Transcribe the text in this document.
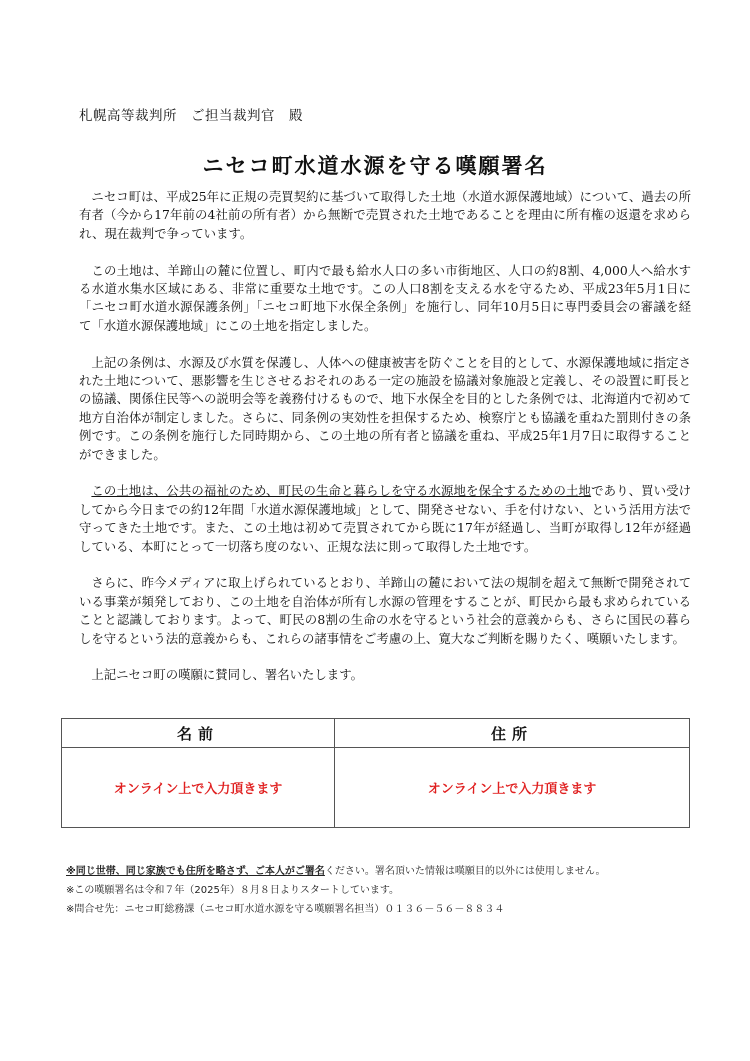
札幌高等裁判所　ご担当裁判官　殿
ニセコ町水道水源を守る嘆願署名

ニセコ町は、平成25年に正規の売買契約に基づいて取得した土地（水道水源保護地域）について、過去の所有者（今から17年前の4社前の所有者）から無断で売買された土地であることを理由に所有権の返還を求められ、現在裁判で争っています。

この土地は、羊蹄山の麓に位置し、町内で最も給水人口の多い市街地区、人口の約8割、4,000人へ給水する水道水集水区域にある、非常に重要な土地です。この人口8割を支える水を守るため、平成23年5月1日に「ニセコ町水道水源保護条例」「ニセコ町地下水保全条例」を施行し、同年10月5日に専門委員会の審議を経て「水道水源保護地域」にこの土地を指定しました。

上記の条例は、水源及び水質を保護し、人体への健康被害を防ぐことを目的として、水源保護地域に指定された土地について、悪影響を生じさせるおそれのある一定の施設を協議対象施設と定義し、その設置に町長との協議、関係住民等への説明会等を義務付けるもので、地下水保全を目的とした条例では、北海道内で初めて地方自治体が制定しました。さらに、同条例の実効性を担保するため、検察庁とも協議を重ねた罰則付きの条例です。この条例を施行した同時期から、この土地の所有者と協議を重ね、平成25年1月7日に取得することができました。

この土地は、公共の福祉のため、町民の生命と暮らしを守る水源地を保全するための土地であり、買い受けしてから今日までの約12年間「水道水源保護地域」として、開発させない、手を付けない、という活用方法で守ってきた土地です。また、この土地は初めて売買されてから既に17年が経過し、当町が取得し12年が経過している、本町にとって一切落ち度のない、正規な法に則って取得した土地です。

さらに、昨今メディアに取上げられているとおり、羊蹄山の麓において法の規制を超えて無断で開発されている事業が頻発しており、この土地を自治体が所有し水源の管理をすることが、町民から最も求められていることと認識しております。よって、町民の8割の生命の水を守るという社会的意義からも、さらに国民の暮らしを守るという法的意義からも、これらの諸事情をご考慮の上、寛大なご判断を賜りたく、嘆願いたします。

上記ニセコ町の嘆願に賛同し、署名いたします。

名前	住所
オンライン上で入力頂きます	オンライン上で入力頂きます
※同じ世帯、同じ家族でも住所を略さず、ご本人がご署名ください。署名頂いた情報は嘆願目的以外には使用しません。
※この嘆願署名は令和７年（2025年）８月８日よりスタートしています。
※問合せ先：ニセコ町総務課（ニセコ町水道水源を守る嘆願署名担当）０１３６－５６－８８３４
